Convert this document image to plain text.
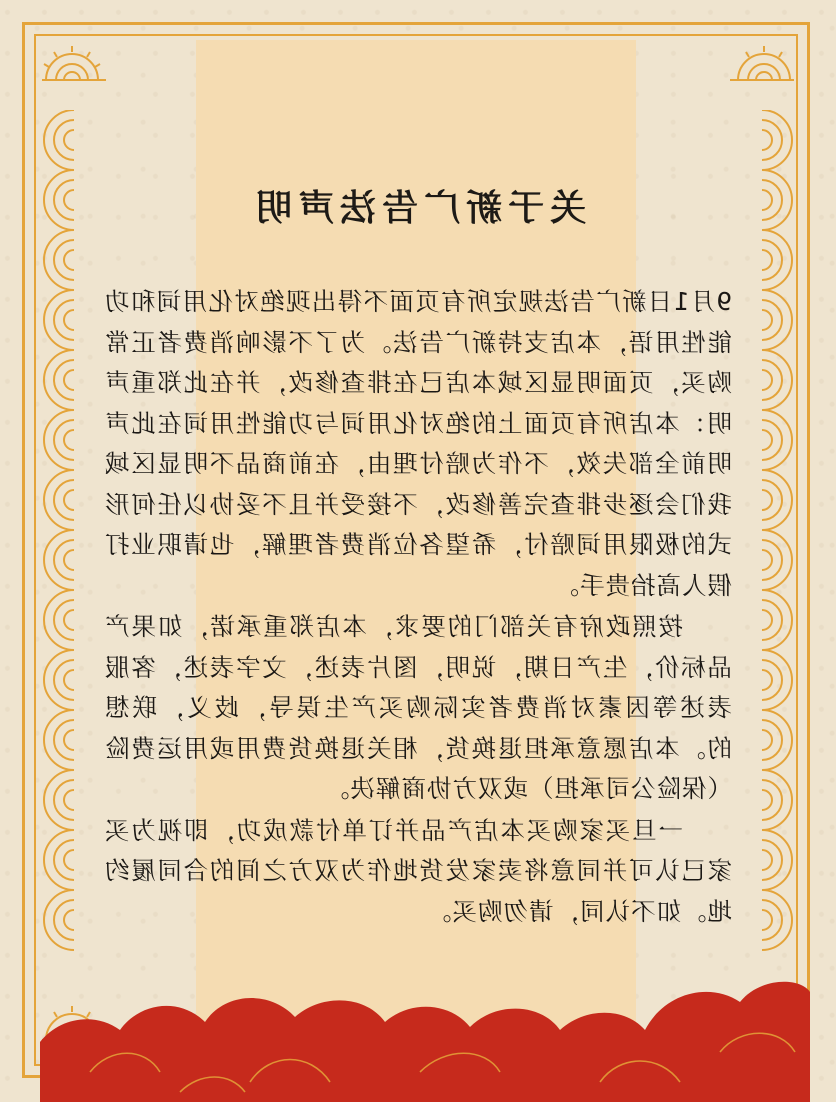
关于新广告法声明

9月1日新广告法规定所有页面不得出现绝对化用词和功能性用语，本店支持新广告法。为了不影响消费者正常购买，页面明显区域本店已在排查修改，并在此郑重声明：本店所有页面上的绝对化用词与功能性用词在此声明前全部失效，不作为赔付理由，在前商品不明显区域我们会逐步排查完善修改，不接受并且不妥协以任何形式的极限用词赔付，希望各位消费者理解，也请职业打假人高抬贵手。

按照政府有关部门的要求，本店郑重承诺，如果产品标价，生产日期，说明，图片表述，文字表述，客服表述等因素对消费者实际购买产生误导，歧义，联想的。本店愿意承担退换货，相关退换货费用或用运费险（保险公司承担）或双方协商解决。

一旦买家购买本店产品并订单付款成功，即视为买家已认可并同意将卖家发货地作为双方之间的合同履约地。如不认同，请勿购买。
